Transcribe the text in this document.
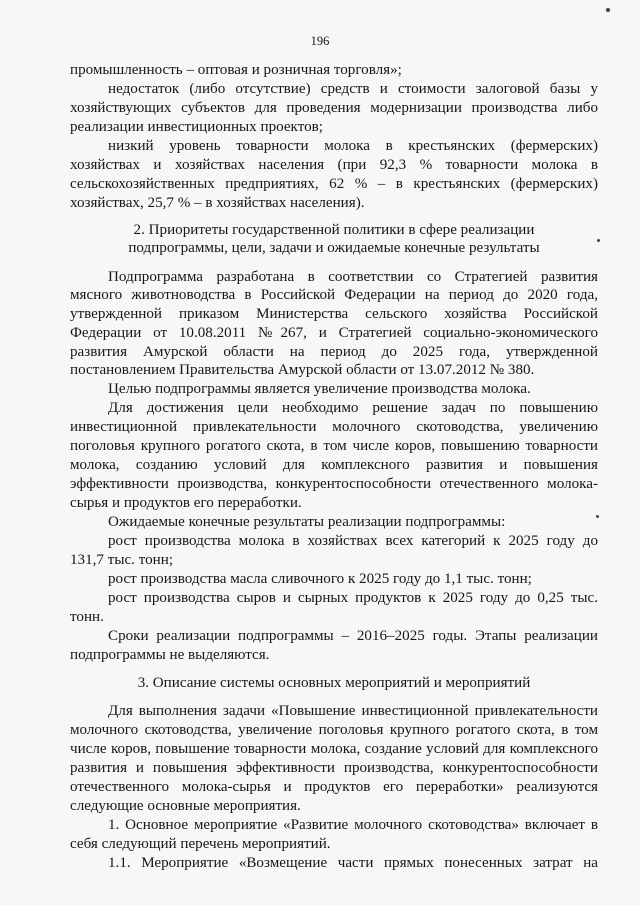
196
промышленность – оптовая и розничная торговля»;
недостаток (либо отсутствие) средств и стоимости залоговой базы у
хозяйствующих субъектов для проведения модернизации производства либо
реализации инвестиционных проектов;
низкий уровень товарности молока в крестьянских (фермерских)
хозяйствах и хозяйствах населения (при 92,3 % товарности молока в
сельскохозяйственных предприятиях, 62 % – в крестьянских (фермерских)
хозяйствах, 25,7 % – в хозяйствах населения).
2. Приоритеты государственной политики в сфере реализации
подпрограммы, цели, задачи и ожидаемые конечные результаты
Подпрограмма разработана в соответствии со Стратегией развития
мясного животноводства в Российской Федерации на период до 2020 года,
утвержденной приказом Министерства сельского хозяйства Российской
Федерации от 10.08.2011 №267, и Стратегией социально-экономического
развития Амурской области на период до 2025 года, утвержденной
постановлением Правительства Амурской области от 13.07.2012 № 380.
Целью подпрограммы является увеличение производства молока.
Для достижения цели необходимо решение задач по повышению
инвестиционной привлекательности молочного скотоводства, увеличению
поголовья крупного рогатого скота, в том числе коров, повышению товарности
молока, созданию условий для комплексного развития и повышения
эффективности производства, конкурентоспособности отечественного молока-
сырья и продуктов его переработки.
Ожидаемые конечные результаты реализации подпрограммы:
рост производства молока в хозяйствах всех категорий к 2025 году до
131,7 тыс. тонн;
рост производства масла сливочного к 2025 году до 1,1 тыс. тонн;
рост производства сыров и сырных продуктов к 2025 году до 0,25 тыс.
тонн.
Сроки реализации подпрограммы – 2016–2025 годы. Этапы реализации
подпрограммы не выделяются.
3. Описание системы основных мероприятий и мероприятий
Для выполнения задачи «Повышение инвестиционной привлекательности
молочного скотоводства, увеличение поголовья крупного рогатого скота, в том
числе коров, повышение товарности молока, создание условий для комплексного
развития и повышения эффективности производства, конкурентоспособности
отечественного молока-сырья и продуктов его переработки» реализуются
следующие основные мероприятия.
1. Основное мероприятие «Развитие молочного скотоводства» включает в
себя следующий перечень мероприятий.
1.1. Мероприятие «Возмещение части прямых понесенных затрат на
